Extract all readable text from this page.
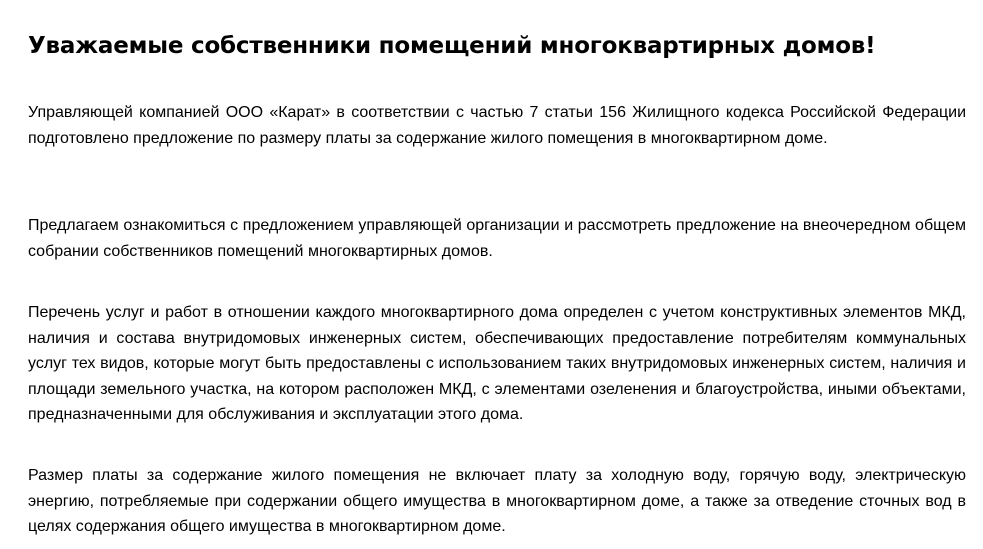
Уважаемые собственники помещений многоквартирных домов!

Управляющей компанией ООО «Карат» в соответствии с частью 7 статьи 156 Жилищного кодекса Российской Федерации подготовлено предложение по размеру платы за содержание жилого помещения в многоквартирном доме.

Предлагаем ознакомиться с предложением управляющей организации и рассмотреть предложение на внеочередном общем собрании собственников помещений многоквартирных домов.

Перечень услуг и работ в отношении каждого многоквартирного дома определен с учетом конструктивных элементов МКД, наличия и состава внутридомовых инженерных систем, обеспечивающих предоставление потребителям коммунальных услуг тех видов, которые могут быть предоставлены с использованием таких внутридомовых инженерных систем, наличия и площади земельного участка, на котором расположен МКД, с элементами озеленения и благоустройства, иными объектами, предназначенными для обслуживания и эксплуатации этого дома.

Размер платы за содержание жилого помещения не включает плату за холодную воду, горячую воду, электрическую энергию, потребляемые при содержании общего имущества в многоквартирном доме, а также за отведение сточных вод в целях содержания общего имущества в многоквартирном доме.
